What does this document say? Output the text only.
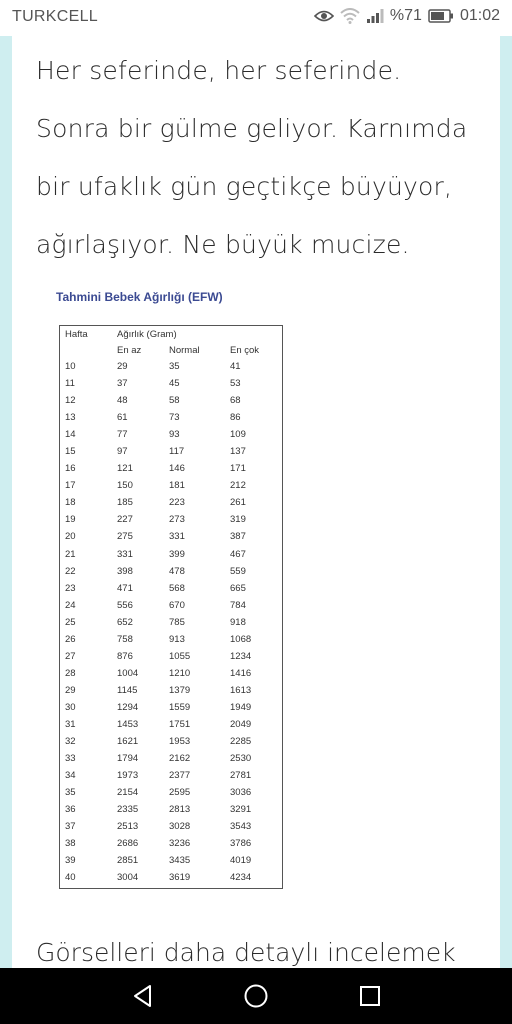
TURKCELL	%71 01:02

Her seferinde, her seferinde. Sonra bir gülme geliyor. Karnımda bir ufaklık gün geçtikçe büyüyor, ağırlaşıyor. Ne büyük mucize.

Tahmini Bebek Ağırlığı (EFW)
Hafta	Ağırlık (Gram)		
	En az	Normal	En çok
10	29	35	41
11	37	45	53
12	48	58	68
13	61	73	86
14	77	93	109
15	97	117	137
16	121	146	171
17	150	181	212
18	185	223	261
19	227	273	319
20	275	331	387
21	331	399	467
22	398	478	559
23	471	568	665
24	556	670	784
25	652	785	918
26	758	913	1068
27	876	1055	1234
28	1004	1210	1416
29	1145	1379	1613
30	1294	1559	1949
31	1453	1751	2049
32	1621	1953	2285
33	1794	2162	2530
34	1973	2377	2781
35	2154	2595	3036
36	2335	2813	3291
37	2513	3028	3543
38	2686	3236	3786
39	2851	3435	4019
40	3004	3619	4234
Görselleri daha detaylı incelemek
